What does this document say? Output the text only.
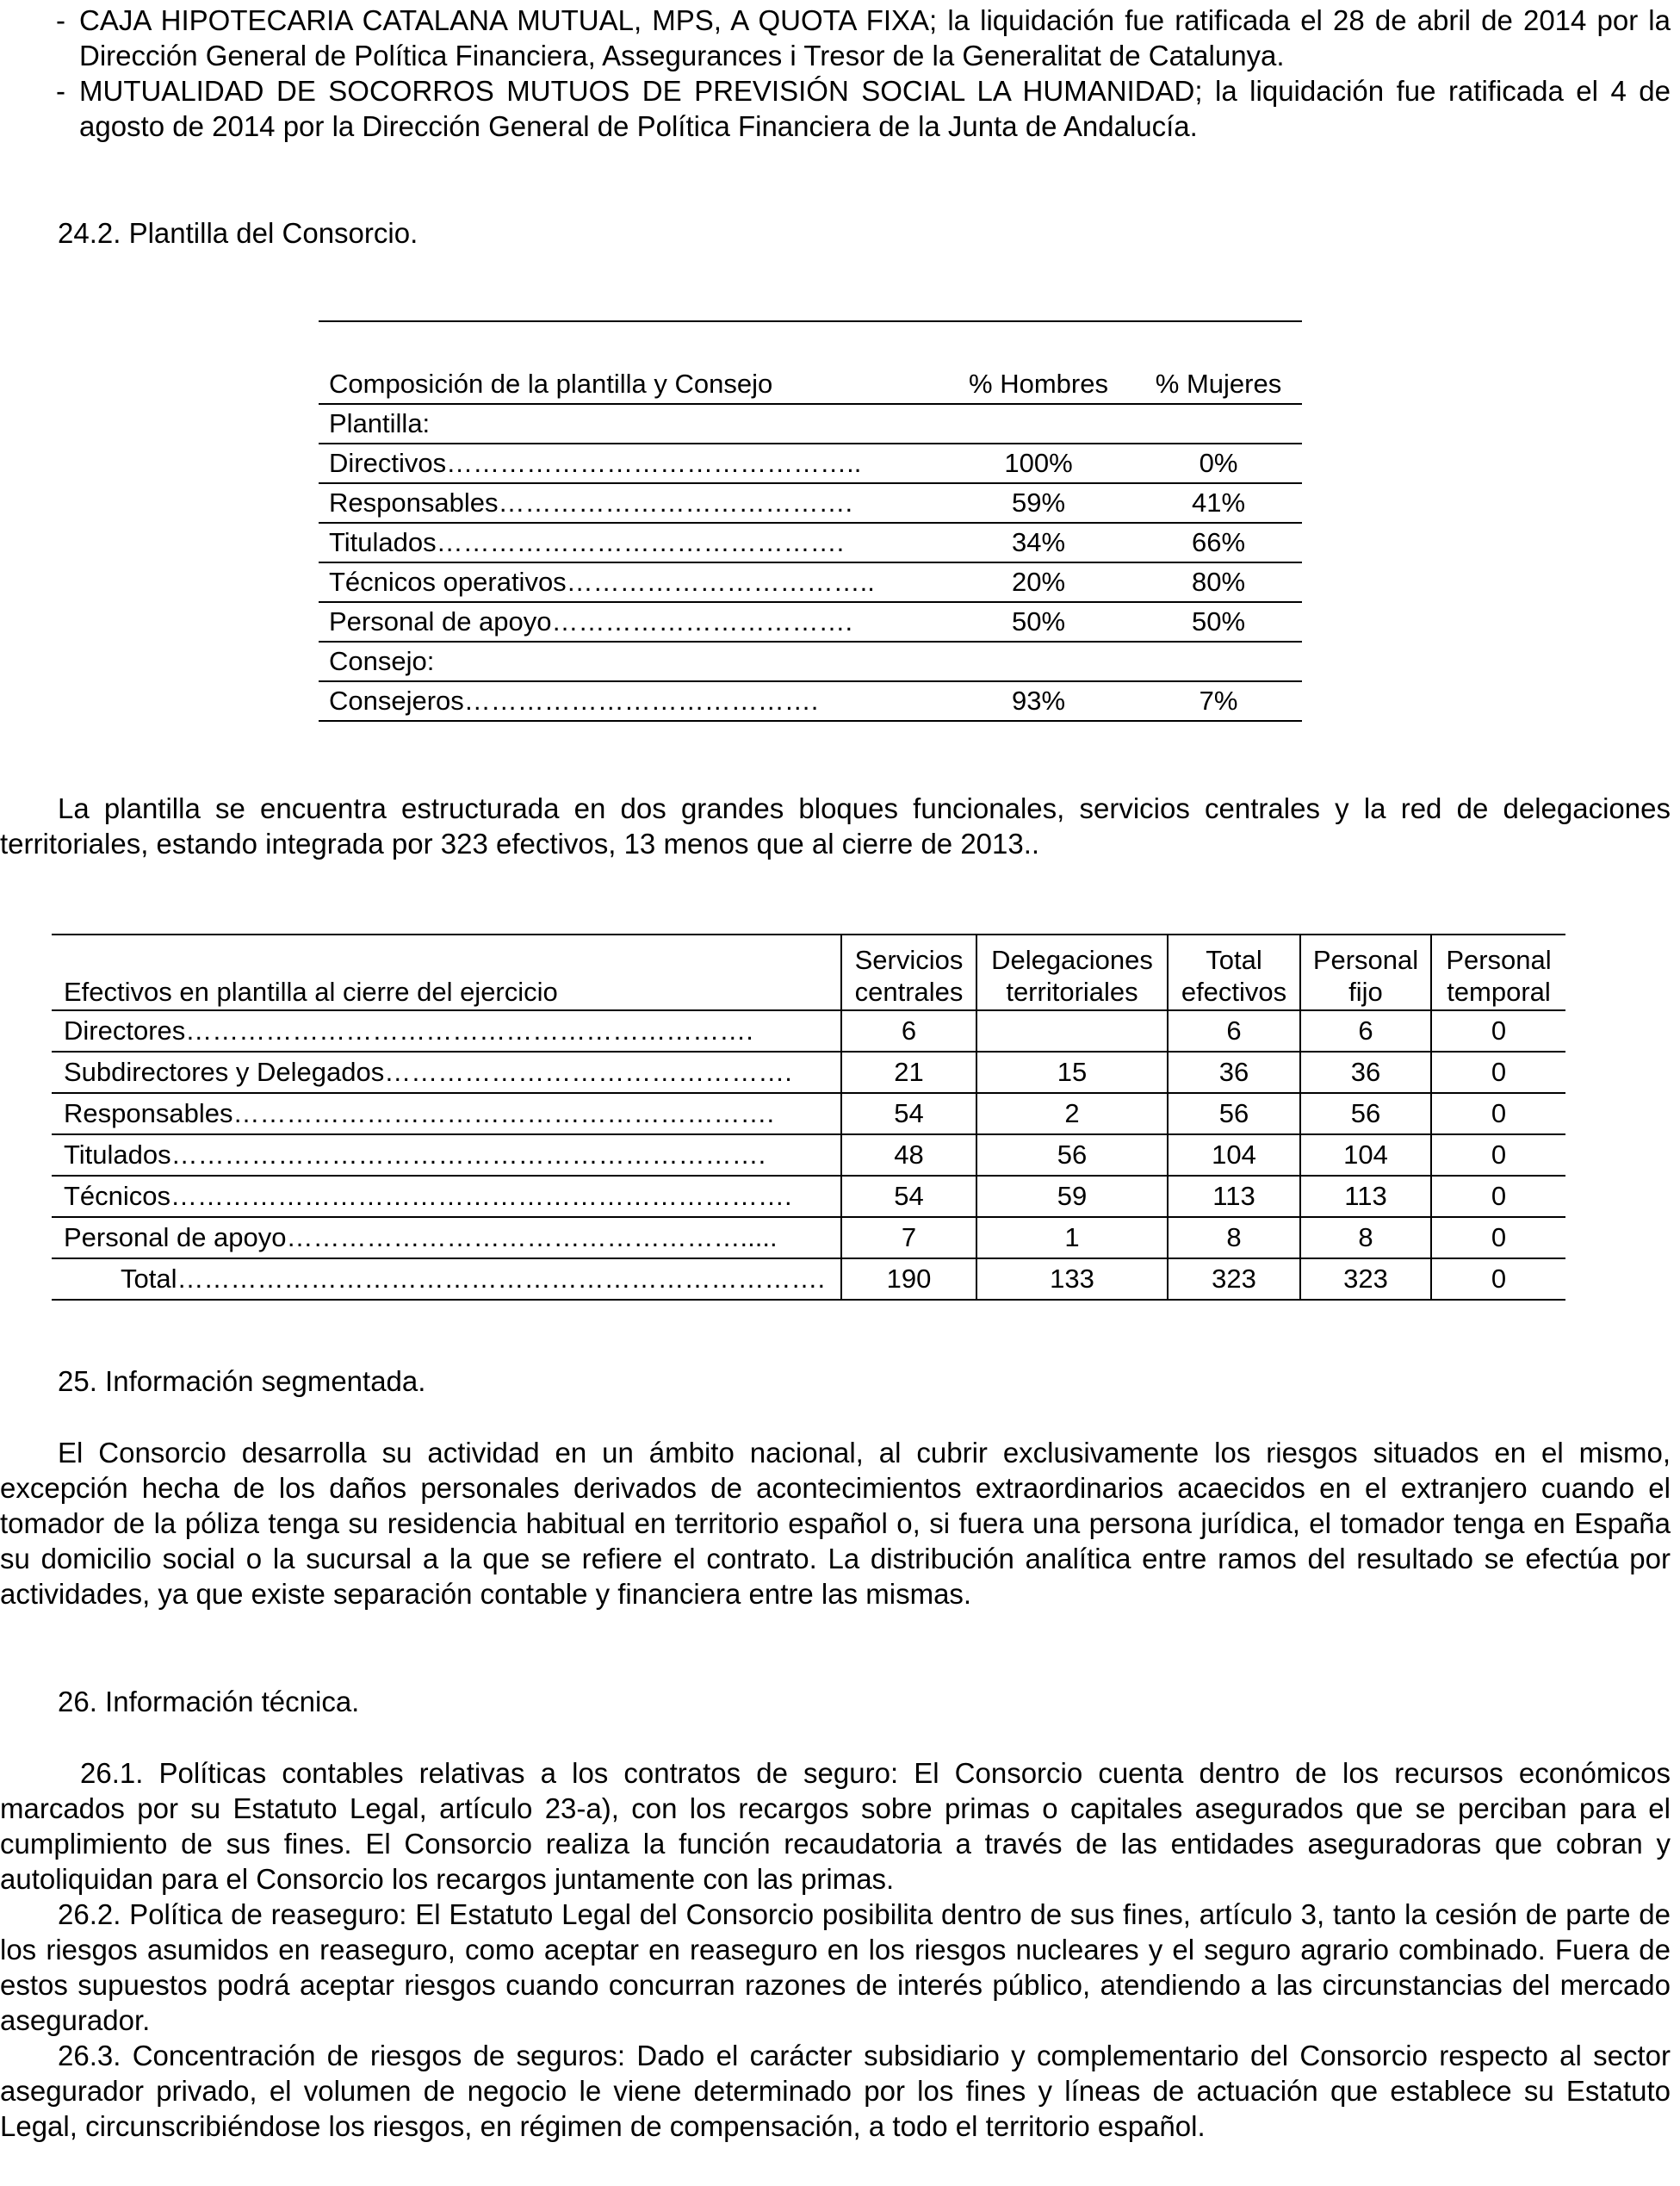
- CAJA HIPOTECARIA CATALANA MUTUAL, MPS, A QUOTA FIXA; la liquidación fue ratificada el 28 de abril de 2014 por la Dirección General de Política Financiera, Assegurances i Tresor de la Generalitat de Catalunya.
- MUTUALIDAD DE SOCORROS MUTUOS DE PREVISIÓN SOCIAL LA HUMANIDAD; la liquidación fue ratificada el 4 de agosto de 2014 por la Dirección General de Política Financiera de la Junta de Andalucía.
24.2. Plantilla del Consorcio.
Composición de la plantilla y Consejo	% Hombres	% Mujeres
Plantilla:		
Directivos………………………………………..	100%	0%
Responsables………………………………….	59%	41%
Titulados……………………………………….	34%	66%
Técnicos operativos……………………………..	20%	80%
Personal de apoyo…………………………….	50%	50%
Consejo:		
Consejeros………………………………….	93%	7%
La plantilla se encuentra estructurada en dos grandes bloques funcionales, servicios centrales y la red de delegaciones territoriales, estando integrada por 323 efectivos, 13 menos que al cierre de 2013..
Efectivos en plantilla al cierre del ejercicio	Servicios centrales	Delegaciones territoriales	Total efectivos	Personal fijo	Personal temporal
Directores……………………………………………………….	6		6	6	0
Subdirectores y Delegados……………………………………….	21	15	36	36	0
Responsables…………………………………………………….	54	2	56	56	0
Titulados………………………………………………………….	48	56	104	104	0
Técnicos…………………………………………………………….	54	59	113	113	0
Personal de apoyo…………………………………………….....	7	1	8	8	0
Total……………………………………………………………….	190	133	323	323	0
25. Información segmentada.
El Consorcio desarrolla su actividad en un ámbito nacional, al cubrir exclusivamente los riesgos situados en el mismo, excepción hecha de los daños personales derivados de acontecimientos extraordinarios acaecidos en el extranjero cuando el tomador de la póliza tenga su residencia habitual en territorio español o, si fuera una persona jurídica, el tomador tenga en España su domicilio social o la sucursal a la que se refiere el contrato. La distribución analítica entre ramos del resultado se efectúa por actividades, ya que existe separación contable y financiera entre las mismas.
26. Información técnica.
26.1. Políticas contables relativas a los contratos de seguro: El Consorcio cuenta dentro de los recursos económicos marcados por su Estatuto Legal, artículo 23-a), con los recargos sobre primas o capitales asegurados que se perciban para el cumplimiento de sus fines. El Consorcio realiza la función recaudatoria a través de las entidades aseguradoras que cobran y autoliquidan para el Consorcio los recargos juntamente con las primas.
26.2. Política de reaseguro: El Estatuto Legal del Consorcio posibilita dentro de sus fines, artículo 3, tanto la cesión de parte de los riesgos asumidos en reaseguro, como aceptar en reaseguro en los riesgos nucleares y el seguro agrario combinado. Fuera de estos supuestos podrá aceptar riesgos cuando concurran razones de interés público, atendiendo a las circunstancias del mercado asegurador.
26.3. Concentración de riesgos de seguros: Dado el carácter subsidiario y complementario del Consorcio respecto al sector asegurador privado, el volumen de negocio le viene determinado por los fines y líneas de actuación que establece su Estatuto Legal, circunscribiéndose los riesgos, en régimen de compensación, a todo el territorio español.
